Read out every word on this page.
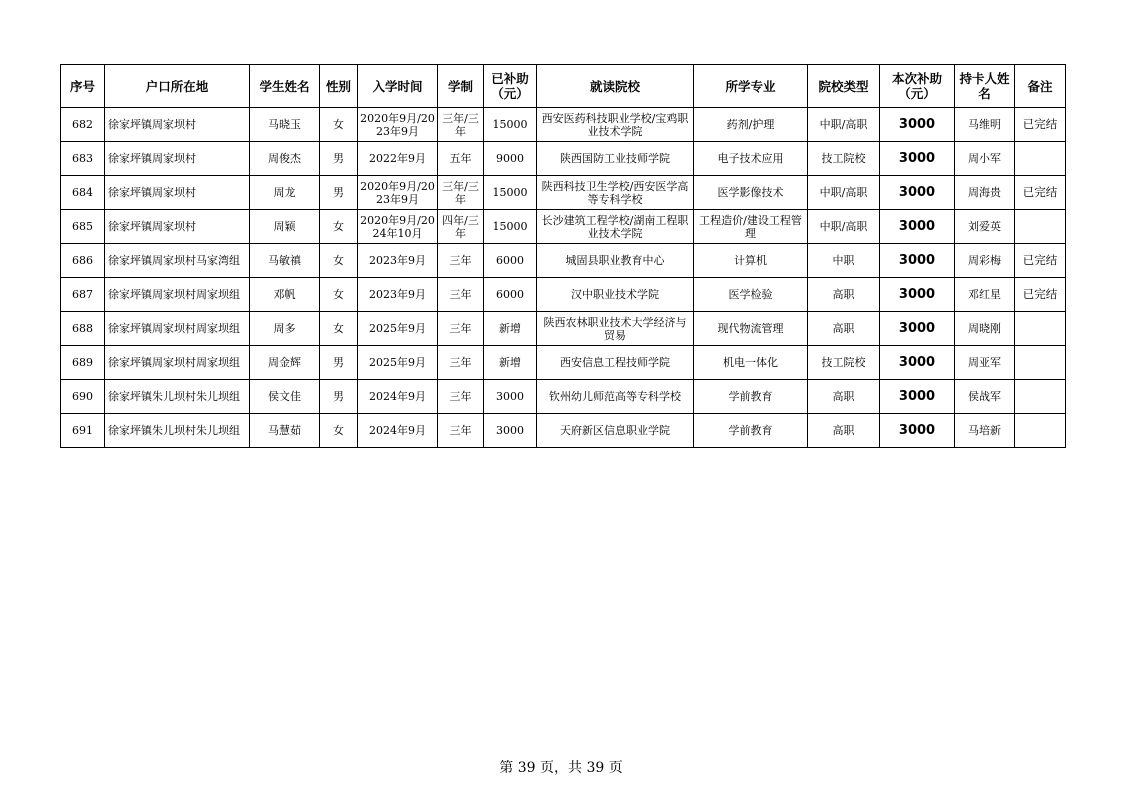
序号	户口所在地	学生姓名	性别	入学时间	学制	已补助（元）	就读院校	所学专业	院校类型	本次补助（元）	持卡人姓名	备注
682	徐家坪镇周家坝村	马晓玉	女	2020年9月/2023年9月	三年/三年	15000	西安医药科技职业学校/宝鸡职业技术学院	药剂/护理	中职/高职	3000	马维明	已完结
683	徐家坪镇周家坝村	周俊杰	男	2022年9月	五年	9000	陕西国防工业技师学院	电子技术应用	技工院校	3000	周小军	
684	徐家坪镇周家坝村	周龙	男	2020年9月/2023年9月	三年/三年	15000	陕西科技卫生学校/西安医学高等专科学校	医学影像技术	中职/高职	3000	周海贵	已完结
685	徐家坪镇周家坝村	周颖	女	2020年9月/2024年10月	四年/三年	15000	长沙建筑工程学校/湖南工程职业技术学院	工程造价/建设工程管理	中职/高职	3000	刘爱英	
686	徐家坪镇周家坝村马家湾组	马敏禛	女	2023年9月	三年	6000	城固县职业教育中心	计算机	中职	3000	周彩梅	已完结
687	徐家坪镇周家坝村周家坝组	邓帆	女	2023年9月	三年	6000	汉中职业技术学院	医学检验	高职	3000	邓红星	已完结
688	徐家坪镇周家坝村周家坝组	周多	女	2025年9月	三年	新增	陕西农林职业技术大学经济与贸易	现代物流管理	高职	3000	周晓刚	
689	徐家坪镇周家坝村周家坝组	周金辉	男	2025年9月	三年	新增	西安信息工程技师学院	机电一体化	技工院校	3000	周亚军	
690	徐家坪镇朱儿坝村朱儿坝组	侯文佳	男	2024年9月	三年	3000	钦州幼儿师范高等专科学校	学前教育	高职	3000	侯战军	
691	徐家坪镇朱儿坝村朱儿坝组	马慧茹	女	2024年9月	三年	3000	天府新区信息职业学院	学前教育	高职	3000	马培新	
第 39 页，共 39 页
